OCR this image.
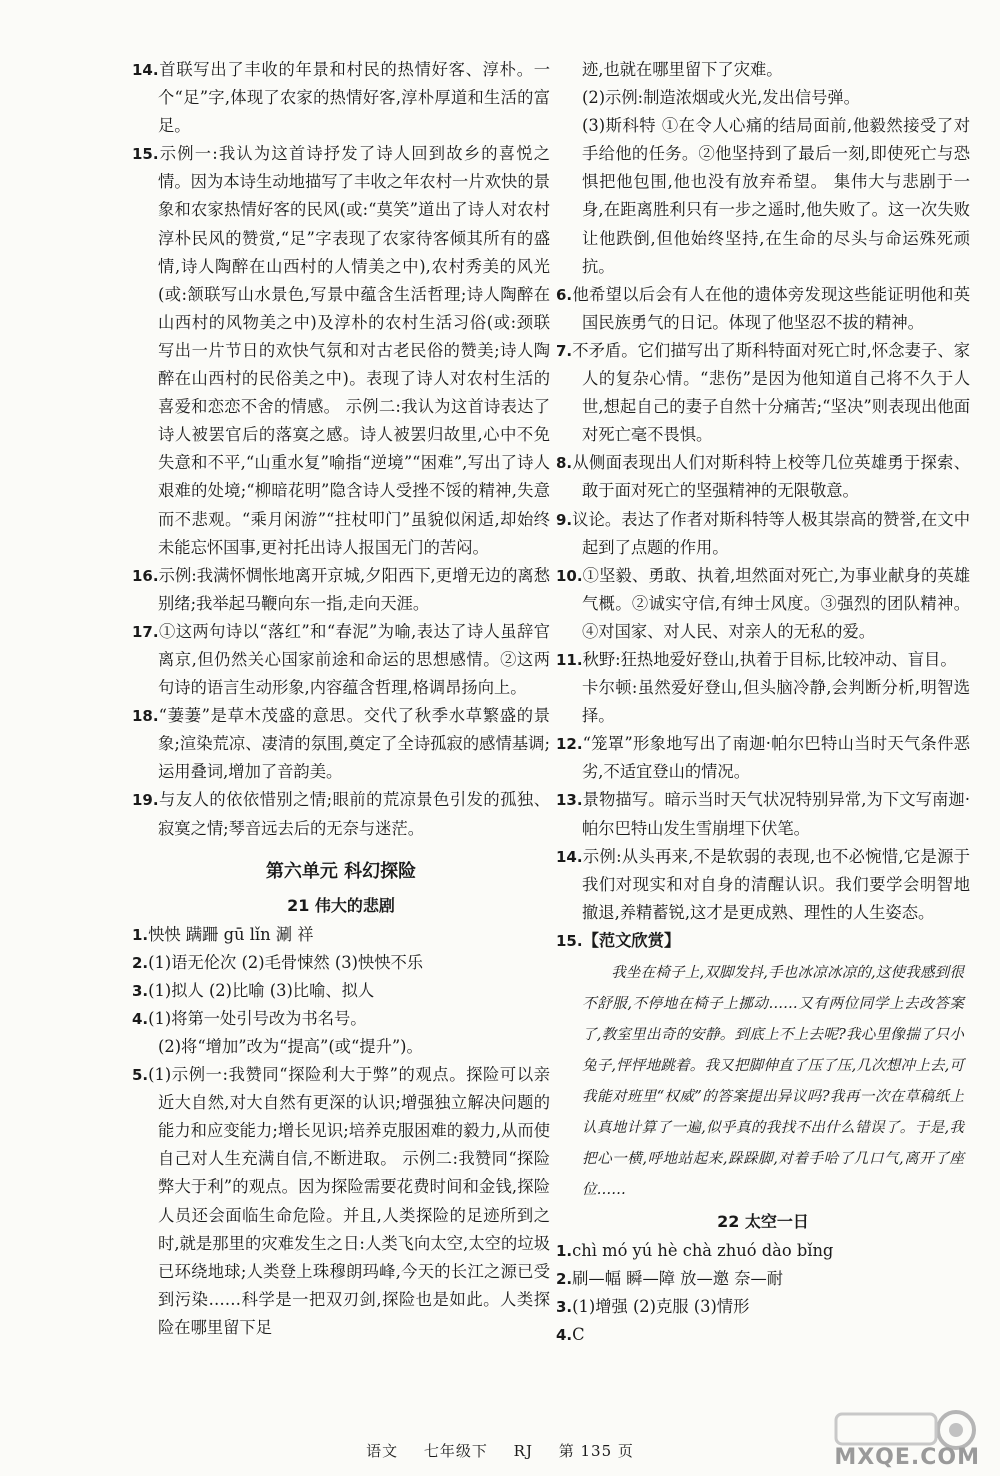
14.首联写出了丰收的年景和村民的热情好客、淳朴。一个“足”字,体现了农家的热情好客,淳朴厚道和生活的富足。
15.示例一:我认为这首诗抒发了诗人回到故乡的喜悦之情。因为本诗生动地描写了丰收之年农村一片欢快的景象和农家热情好客的民风(或:“莫笑”道出了诗人对农村淳朴民风的赞赏,“足”字表现了农家待客倾其所有的盛情,诗人陶醉在山西村的人情美之中),农村秀美的风光(或:颔联写山水景色,写景中蕴含生活哲理;诗人陶醉在山西村的风物美之中)及淳朴的农村生活习俗(或:颈联写出一片节日的欢快气氛和对古老民俗的赞美;诗人陶醉在山西村的民俗美之中)。表现了诗人对农村生活的喜爱和恋恋不舍的情感。 示例二:我认为这首诗表达了诗人被罢官后的落寞之感。诗人被罢归故里,心中不免失意和不平,“山重水复”喻指“逆境”“困难”,写出了诗人艰难的处境;“柳暗花明”隐含诗人受挫不馁的精神,失意而不悲观。“乘月闲游”“拄杖叩门”虽貌似闲适,却始终未能忘怀国事,更衬托出诗人报国无门的苦闷。
16.示例:我满怀惆怅地离开京城,夕阳西下,更增无边的离愁别绪;我举起马鞭向东一指,走向天涯。
17.①这两句诗以“落红”和“春泥”为喻,表达了诗人虽辞官离京,但仍然关心国家前途和命运的思想感情。②这两句诗的语言生动形象,内容蕴含哲理,格调昂扬向上。
18.“萋萋”是草木茂盛的意思。交代了秋季水草繁盛的景象;渲染荒凉、凄清的氛围,奠定了全诗孤寂的感情基调;运用叠词,增加了音韵美。
19.与友人的依依惜别之情;眼前的荒凉景色引发的孤独、寂寞之情;琴音远去后的无奈与迷茫。
第六单元 科幻探险
21 伟大的悲剧
1.怏怏 蹒跚 gū lǐn 涮 祥
2.(1)语无伦次 (2)毛骨悚然 (3)怏怏不乐
3.(1)拟人 (2)比喻 (3)比喻、拟人
4.(1)将第一处引号改为书名号。
(2)将“增加”改为“提高”(或“提升”)。
5.(1)示例一:我赞同“探险利大于弊”的观点。探险可以亲近大自然,对大自然有更深的认识;增强独立解决问题的能力和应变能力;增长见识;培养克服困难的毅力,从而使自己对人生充满自信,不断进取。 示例二:我赞同“探险弊大于利”的观点。因为探险需要花费时间和金钱,探险人员还会面临生命危险。并且,人类探险的足迹所到之时,就是那里的灾难发生之日:人类飞向太空,太空的垃圾已环绕地球;人类登上珠穆朗玛峰,今天的长江之源已受到污染……科学是一把双刃剑,探险也是如此。人类探险在哪里留下足
迹,也就在哪里留下了灾难。
(2)示例:制造浓烟或火光,发出信号弹。
(3)斯科特 ①在令人心痛的结局面前,他毅然接受了对手给他的任务。②他坚持到了最后一刻,即使死亡与恐惧把他包围,他也没有放弃希望。 集伟大与悲剧于一身,在距离胜利只有一步之遥时,他失败了。这一次失败让他跌倒,但他始终坚持,在生命的尽头与命运殊死顽抗。
6.他希望以后会有人在他的遗体旁发现这些能证明他和英国民族勇气的日记。体现了他坚忍不拔的精神。
7.不矛盾。它们描写出了斯科特面对死亡时,怀念妻子、家人的复杂心情。“悲伤”是因为他知道自己将不久于人世,想起自己的妻子自然十分痛苦;“坚决”则表现出他面对死亡毫不畏惧。
8.从侧面表现出人们对斯科特上校等几位英雄勇于探索、敢于面对死亡的坚强精神的无限敬意。
9.议论。表达了作者对斯科特等人极其崇高的赞誉,在文中起到了点题的作用。
10.①坚毅、勇敢、执着,坦然面对死亡,为事业献身的英雄气概。②诚实守信,有绅士风度。③强烈的团队精神。④对国家、对人民、对亲人的无私的爱。
11.秋野:狂热地爱好登山,执着于目标,比较冲动、盲目。
卡尔顿:虽然爱好登山,但头脑冷静,会判断分析,明智选择。
12.“笼罩”形象地写出了南迦·帕尔巴特山当时天气条件恶劣,不适宜登山的情况。
13.景物描写。暗示当时天气状况特别异常,为下文写南迦·帕尔巴特山发生雪崩埋下伏笔。
14.示例:从头再来,不是软弱的表现,也不必惋惜,它是源于我们对现实和对自身的清醒认识。我们要学会明智地撤退,养精蓄锐,这才是更成熟、理性的人生姿态。
15.【范文欣赏】
我坐在椅子上,双脚发抖,手也冰凉冰凉的,这使我感到很不舒服,不停地在椅子上挪动……又有两位同学上去改答案了,教室里出奇的安静。到底上不上去呢?我心里像揣了只小兔子,怦怦地跳着。我又把脚伸直了压了压,几次想冲上去,可我能对班里“权威”的答案提出异议吗?我再一次在草稿纸上认真地计算了一遍,似乎真的我找不出什么错误了。于是,我把心一横,呼地站起来,跺跺脚,对着手哈了几口气,离开了座位……
22 太空一日
1.chì mó yú hè chà zhuó dào bǐng
2.刷—幅 瞬—障 放—邀 奈—耐
3.(1)增强 (2)克服 (3)情形
4.C
语文 七年级下 RJ 第 135 页	MXQE.COM
